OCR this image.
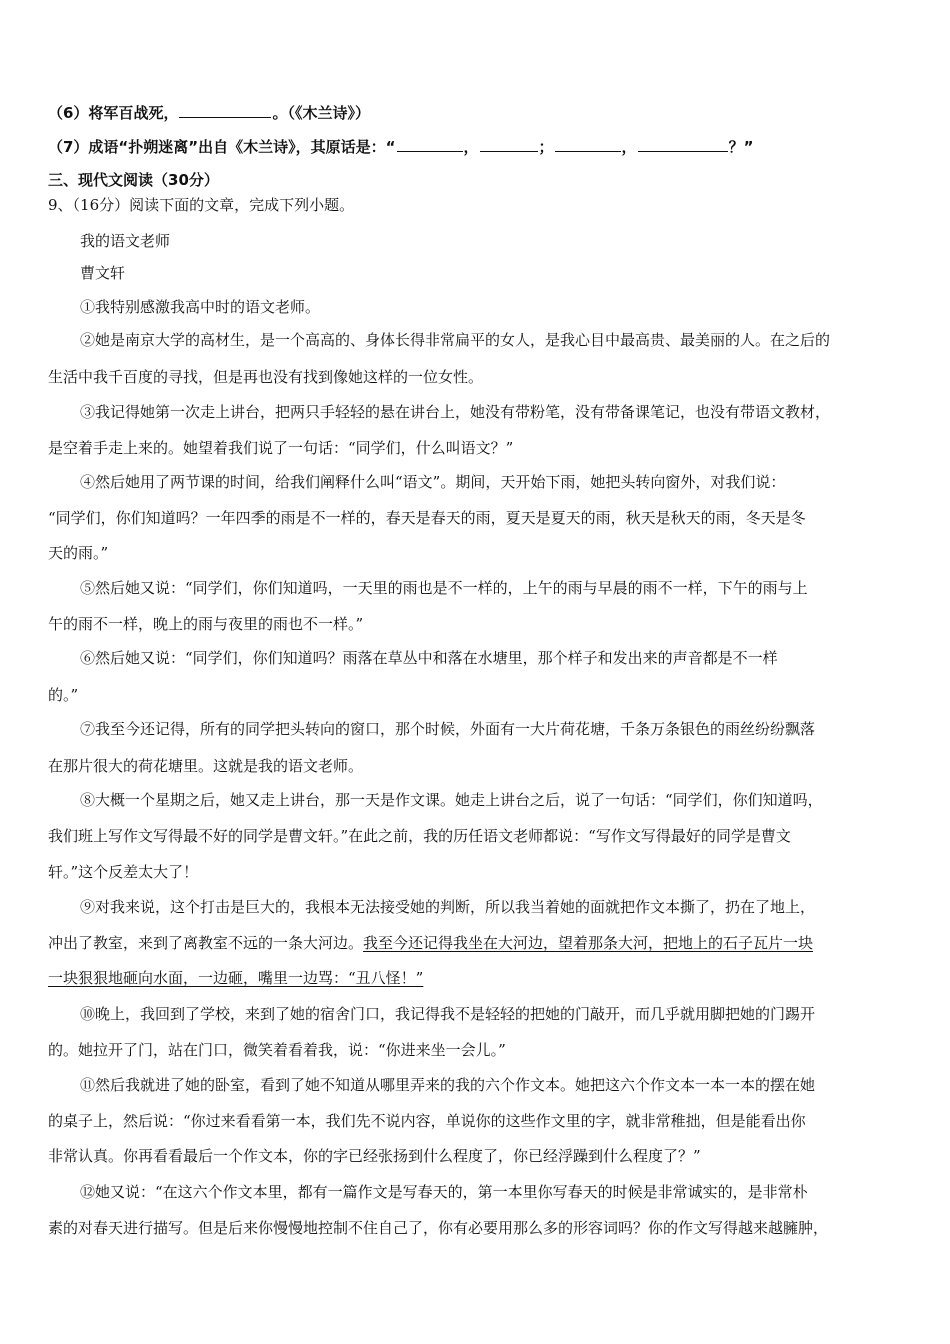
（6）将军百战死，	。（《木兰诗》）
（7）成语“扑朔迷离”出自《木兰诗》，其原话是：“	，	；	，	？”
三、现代文阅读（30分）
9、（16分）阅读下面的文章，完成下列小题。
我的语文老师
曹文轩
①我特别感激我高中时的语文老师。
②她是南京大学的高材生，是一个高高的、身体长得非常扁平的女人，是我心目中最高贵、最美丽的人。在之后的
生活中我千百度的寻找，但是再也没有找到像她这样的一位女性。
③我记得她第一次走上讲台，把两只手轻轻的悬在讲台上，她没有带粉笔，没有带备课笔记，也没有带语文教材，
是空着手走上来的。她望着我们说了一句话：“同学们，什么叫语文？”
④然后她用了两节课的时间，给我们阐释什么叫“语文”。期间，天开始下雨，她把头转向窗外，对我们说：
“同学们，你们知道吗？一年四季的雨是不一样的，春天是春天的雨，夏天是夏天的雨，秋天是秋天的雨，冬天是冬
天的雨。”
⑤然后她又说：“同学们，你们知道吗，一天里的雨也是不一样的，上午的雨与早晨的雨不一样，下午的雨与上
午的雨不一样，晚上的雨与夜里的雨也不一样。”
⑥然后她又说：“同学们，你们知道吗？雨落在草丛中和落在水塘里，那个样子和发出来的声音都是不一样
的。”
⑦我至今还记得，所有的同学把头转向的窗口，那个时候，外面有一大片荷花塘，千条万条银色的雨丝纷纷飘落
在那片很大的荷花塘里。这就是我的语文老师。
⑧大概一个星期之后，她又走上讲台，那一天是作文课。她走上讲台之后，说了一句话：“同学们，你们知道吗，
我们班上写作文写得最不好的同学是曹文轩。”在此之前，我的历任语文老师都说：“写作文写得最好的同学是曹文
轩。”这个反差太大了！
⑨对我来说，这个打击是巨大的，我根本无法接受她的判断，所以我当着她的面就把作文本撕了，扔在了地上，
冲出了教室，来到了离教室不远的一条大河边。我至今还记得我坐在大河边，望着那条大河，把地上的石子瓦片一块
一块狠狠地砸向水面，一边砸，嘴里一边骂：“丑八怪！”
⑩晚上，我回到了学校，来到了她的宿舍门口，我记得我不是轻轻的把她的门敲开，而几乎就用脚把她的门踢开
的。她拉开了门，站在门口，微笑着看着我，说：“你进来坐一会儿。”
⑪然后我就进了她的卧室，看到了她不知道从哪里弄来的我的六个作文本。她把这六个作文本一本一本的摆在她
的桌子上，然后说：“你过来看看第一本，我们先不说内容，单说你的这些作文里的字，就非常稚拙，但是能看出你
非常认真。你再看看最后一个作文本，你的字已经张扬到什么程度了，你已经浮躁到什么程度了？”
⑫她又说：“在这六个作文本里，都有一篇作文是写春天的，第一本里你写春天的时候是非常诚实的，是非常朴
素的对春天进行描写。但是后来你慢慢地控制不住自己了，你有必要用那么多的形容词吗？你的作文写得越来越臃肿，
